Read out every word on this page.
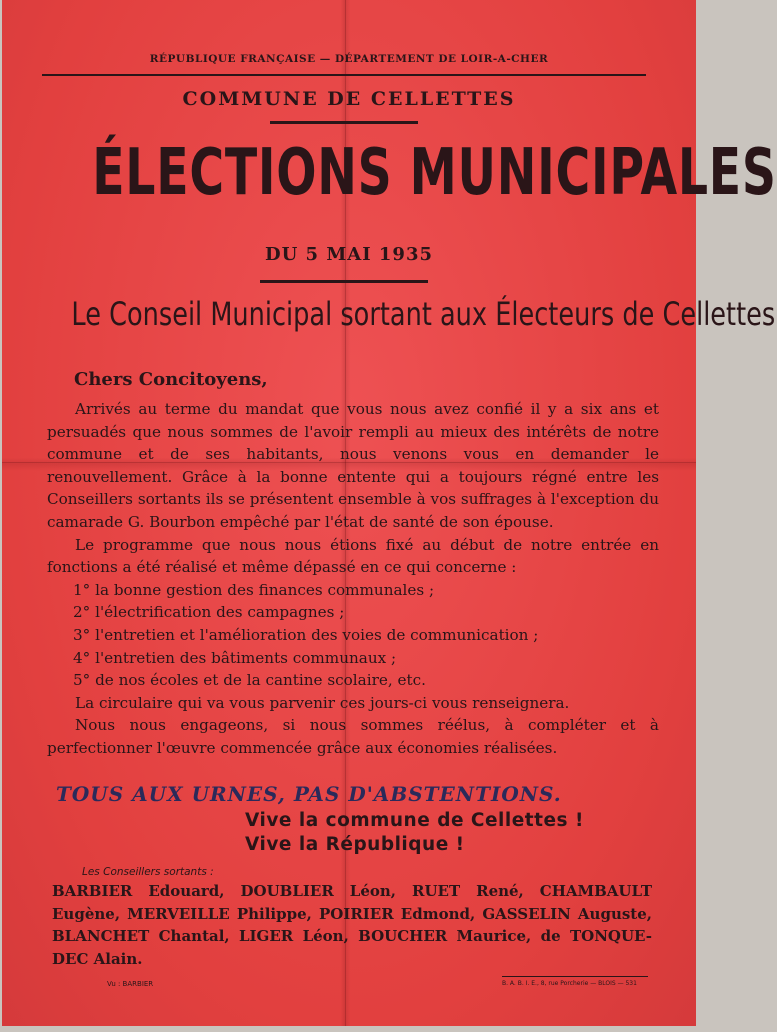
RÉPUBLIQUE FRANÇAISE — DÉPARTEMENT DE LOIR-A-CHER
COMMUNE DE CELLETTES
ÉLECTIONS MUNICIPALES
DU 5 MAI 1935
Le Conseil Municipal sortant aux Électeurs de Cellettes
Chers Concitoyens,

Arrivés au terme du mandat que vous nous avez confié il y a six ans et persuadés que nous sommes de l'avoir rempli au mieux des intérêts de notre commune et de ses habitants, nous venons vous en demander le renouvellement. Grâce à la bonne entente qui a toujours régné entre les Conseillers sortants ils se présentent ensemble à vos suffrages à l'exception du camarade G. Bourbon empêché par l'état de santé de son épouse.

Le programme que nous nous étions fixé au début de notre entrée en fonctions a été réalisé et même dépassé en ce qui concerne :

1° la bonne gestion des finances communales ;

2° l'électrification des campagnes ;

3° l'entretien et l'amélioration des voies de communication ;

4° l'entretien des bâtiments communaux ;

5° de nos écoles et de la cantine scolaire, etc.

La circulaire qui va vous parvenir ces jours-ci vous renseignera.

Nous nous engageons, si nous sommes réélus, à compléter et à perfectionner l'œuvre commencée grâce aux économies réalisées.

TOUS AUX URNES, PAS D'ABSTENTIONS.
Vive la commune de Cellettes !
Vive la République !
Les Conseillers sortants :
BARBIER Edouard, DOUBLIER Léon, RUET René, CHAMBAULT Eugène, MERVEILLE Philippe, POIRIER Edmond, GASSELIN Auguste, BLANCHET Chantal, LIGER Léon, BOUCHER Maurice, de TONQUE-DEC Alain.
Vu : BARBIER	B. A. B. I. E., 8, rue Porcherie — BLOIS — 531
